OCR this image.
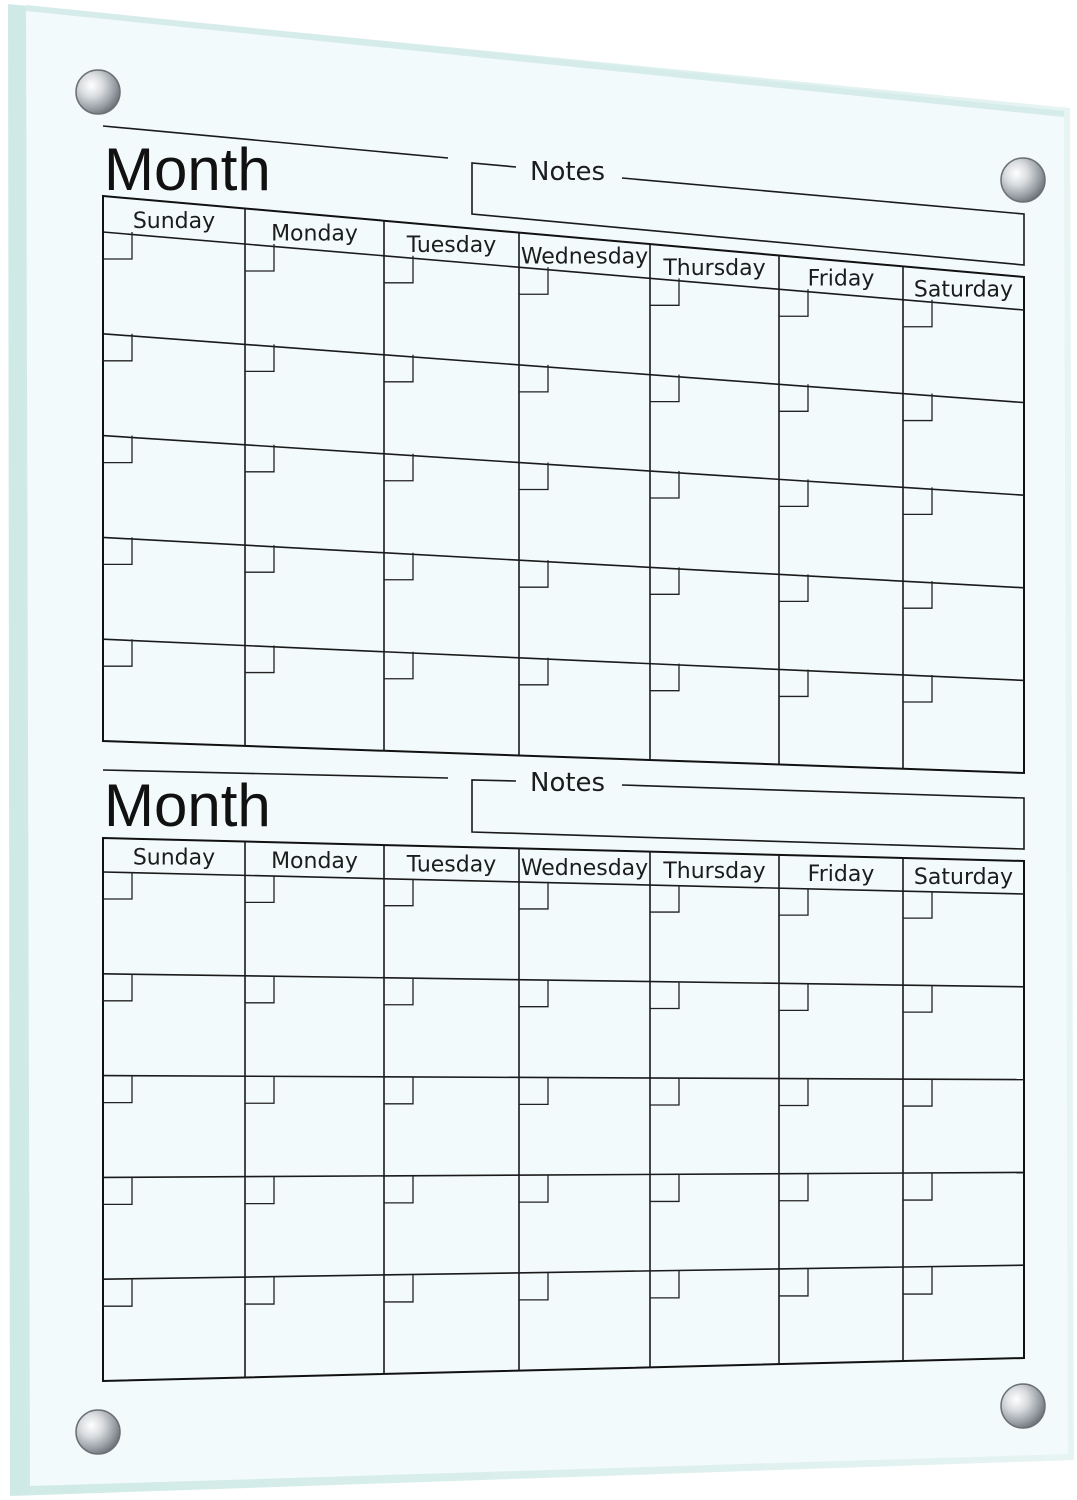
Month	Notes
Sunday	Monday Tuesday Wednesday Thursday Friday Saturday
Month	Notes
Sunday	Monday Tuesday Wednesday Thursday Friday Saturday
